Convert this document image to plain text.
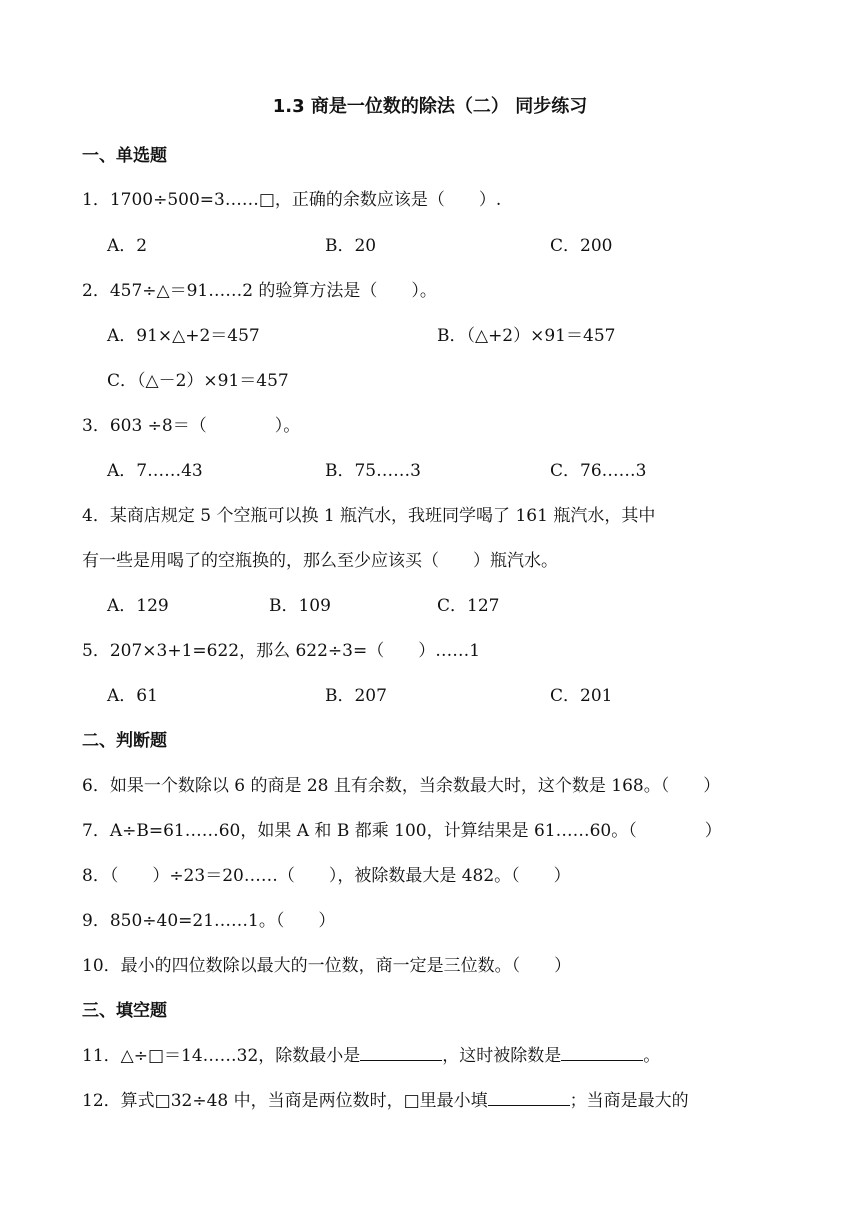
1.3 商是一位数的除法（二） 同步练习
一、单选题
1．1700÷500=3……□，正确的余数应该是（　　）.
A．2	B．20	C．200
2．457÷△＝91……2 的验算方法是（　　）。
A．91×△+2＝457	B．（△+2）×91＝457
C．（△－2）×91＝457
3．603 ÷8＝（　　　　）。
A．7……43	B．75……3	C．76……3
4．某商店规定 5 个空瓶可以换 1 瓶汽水，我班同学喝了 161 瓶汽水，其中
有一些是用喝了的空瓶换的，那么至少应该买（　　）瓶汽水。
A．129	B．109	C．127
5．207×3+1=622，那么 622÷3=（　　）……1
A．61	B．207	C．201
二、判断题
6．如果一个数除以 6 的商是 28 且有余数，当余数最大时，这个数是 168。（　　）
7．A÷B=61……60，如果 A 和 B 都乘 100，计算结果是 61……60。（　　　　）
8．（　　）÷23＝20……（　　），被除数最大是 482。（　　）
9．850÷40=21……1。（　　）
10．最小的四位数除以最大的一位数，商一定是三位数。（　　）
三、填空题
11．△÷□＝14……32，除数最小是	，这时被除数是	。
12．算式□32÷48 中，当商是两位数时，□里最小填	；当商是最大的
